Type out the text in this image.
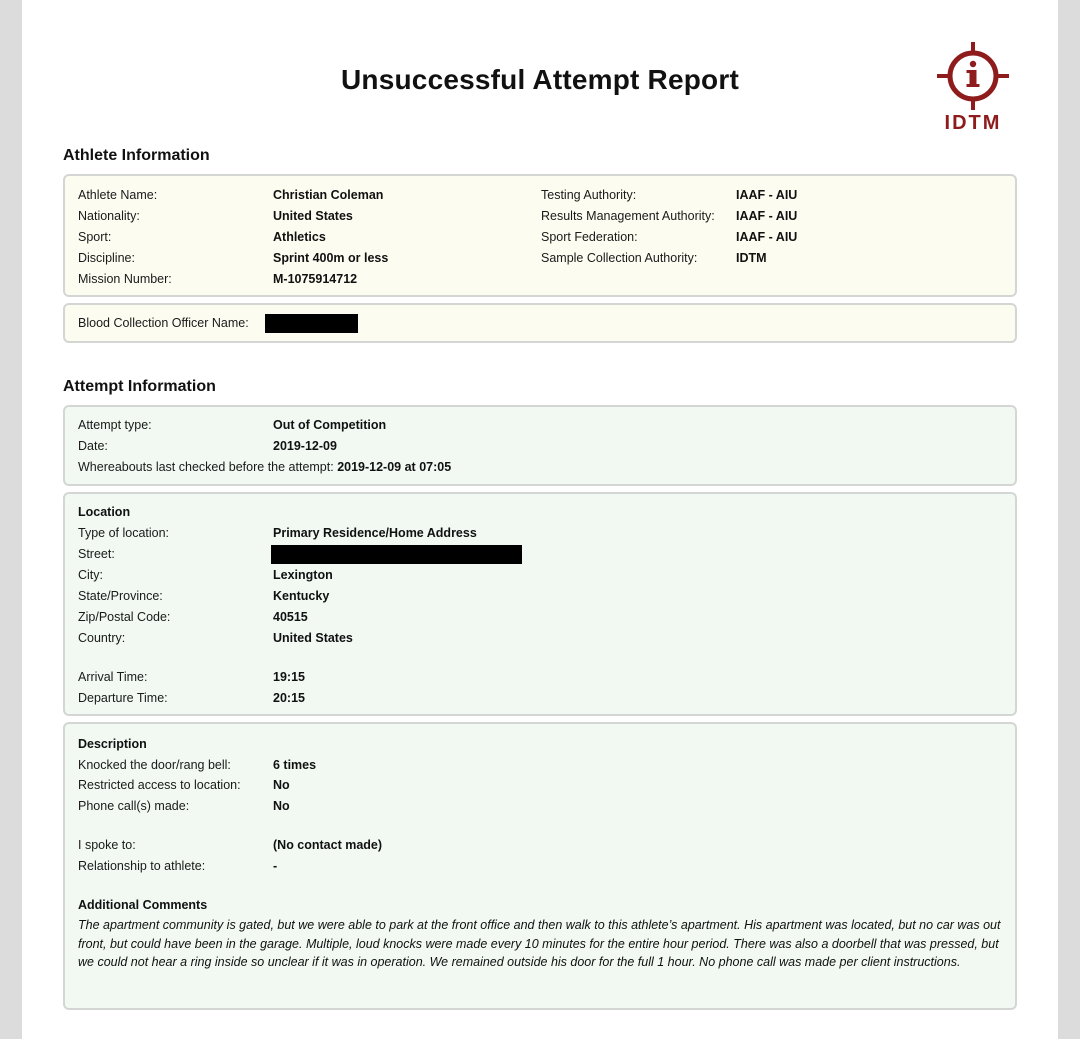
Unsuccessful Attempt Report
IDTM
Athlete Information
Athlete Name:	Christian Coleman
Nationality:	United States
Sport:	Athletics
Discipline:	Sprint 400m or less
Mission Number:	M-1075914712
Testing Authority:	IAAF - AIU
Results Management Authority: IAAF - AIU
Sport Federation:	IAAF - AIU
Sample Collection Authority:	IDTM
Blood Collection Officer Name:
Attempt Information
Attempt type:	Out of Competition
Date:	2019-12-09
Whereabouts last checked before the attempt: 2019-12-09 at 07:05
Location
Type of location:	Primary Residence/Home Address
Street:
City:	Lexington
State/Province:	Kentucky
Zip/Postal Code:	40515
Country:	United States
Arrival Time:	19:15
Departure Time:	20:15
Description
Knocked the door/rang bell:	6 times
Restricted access to location:	No
Phone call(s) made:	No
I spoke to:	(No contact made)
Relationship to athlete:	-
Additional Comments
The apartment community is gated, but we were able to park at the front office and then walk to this athlete’s apartment. His apartment was located, but no car was out front, but could have been in the garage. Multiple, loud knocks were made every 10 minutes for the entire hour period. There was also a doorbell that was pressed, but we could not hear a ring inside so unclear if it was in operation. We remained outside his door for the full 1 hour. No phone call was made per client instructions.
